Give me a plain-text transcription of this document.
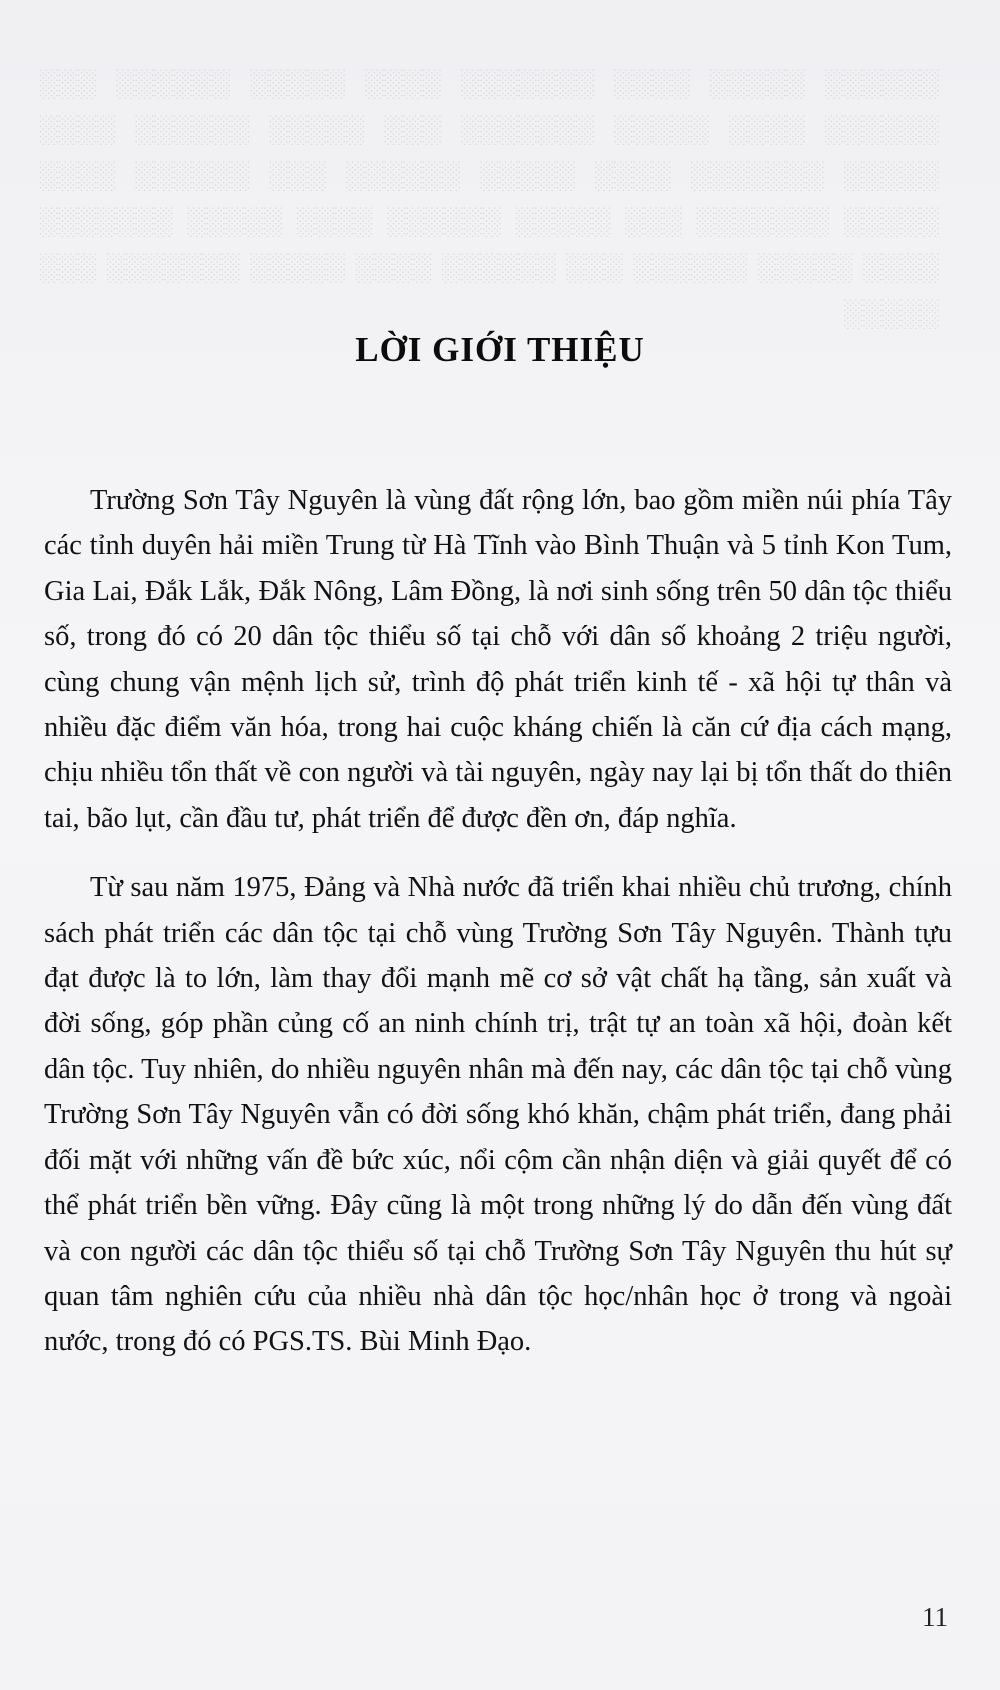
░░░░░░ ░░░░░ ░░░░ ░░░░░░░ ░░░░ ░░░░░ ░░░░░░ ░░░ ░░░░░░ ░░░░ ░░░░░ ░░░░░░░ ░░░ ░░░░░ ░░░░░░ ░░░░ ░░░░░ ░░░░░░░ ░░░░ ░░░░░ ░░░░░░ ░░░ ░░░░░░ ░░░░ ░░░░░ ░░░░░░░ ░░░ ░░░░░ ░░░░░░ ░░░░ ░░░░░ ░░░░░░░ ░░░░ ░░░░░ ░░░░░░ ░░░ ░░░░░░ ░░░░ ░░░░░ ░░░░░░░ ░░░ ░░░░░
LỜI GIỚI THIỆU

Trường Sơn Tây Nguyên là vùng đất rộng lớn, bao gồm miền núi phía Tây các tỉnh duyên hải miền Trung từ Hà Tĩnh vào Bình Thuận và 5 tỉnh Kon Tum, Gia Lai, Đắk Lắk, Đắk Nông, Lâm Đồng, là nơi sinh sống trên 50 dân tộc thiểu số, trong đó có 20 dân tộc thiểu số tại chỗ với dân số khoảng 2 triệu người, cùng chung vận mệnh lịch sử, trình độ phát triển kinh tế - xã hội tự thân và nhiều đặc điểm văn hóa, trong hai cuộc kháng chiến là căn cứ địa cách mạng, chịu nhiều tổn thất về con người và tài nguyên, ngày nay lại bị tổn thất do thiên tai, bão lụt, cần đầu tư, phát triển để được đền ơn, đáp nghĩa.

Từ sau năm 1975, Đảng và Nhà nước đã triển khai nhiều chủ trương, chính sách phát triển các dân tộc tại chỗ vùng Trường Sơn Tây Nguyên. Thành tựu đạt được là to lớn, làm thay đổi mạnh mẽ cơ sở vật chất hạ tầng, sản xuất và đời sống, góp phần củng cố an ninh chính trị, trật tự an toàn xã hội, đoàn kết dân tộc. Tuy nhiên, do nhiều nguyên nhân mà đến nay, các dân tộc tại chỗ vùng Trường Sơn Tây Nguyên vẫn có đời sống khó khăn, chậm phát triển, đang phải đối mặt với những vấn đề bức xúc, nổi cộm cần nhận diện và giải quyết để có thể phát triển bền vững. Đây cũng là một trong những lý do dẫn đến vùng đất và con người các dân tộc thiểu số tại chỗ Trường Sơn Tây Nguyên thu hút sự quan tâm nghiên cứu của nhiều nhà dân tộc học/nhân học ở trong và ngoài nước, trong đó có PGS.TS. Bùi Minh Đạo.

11
